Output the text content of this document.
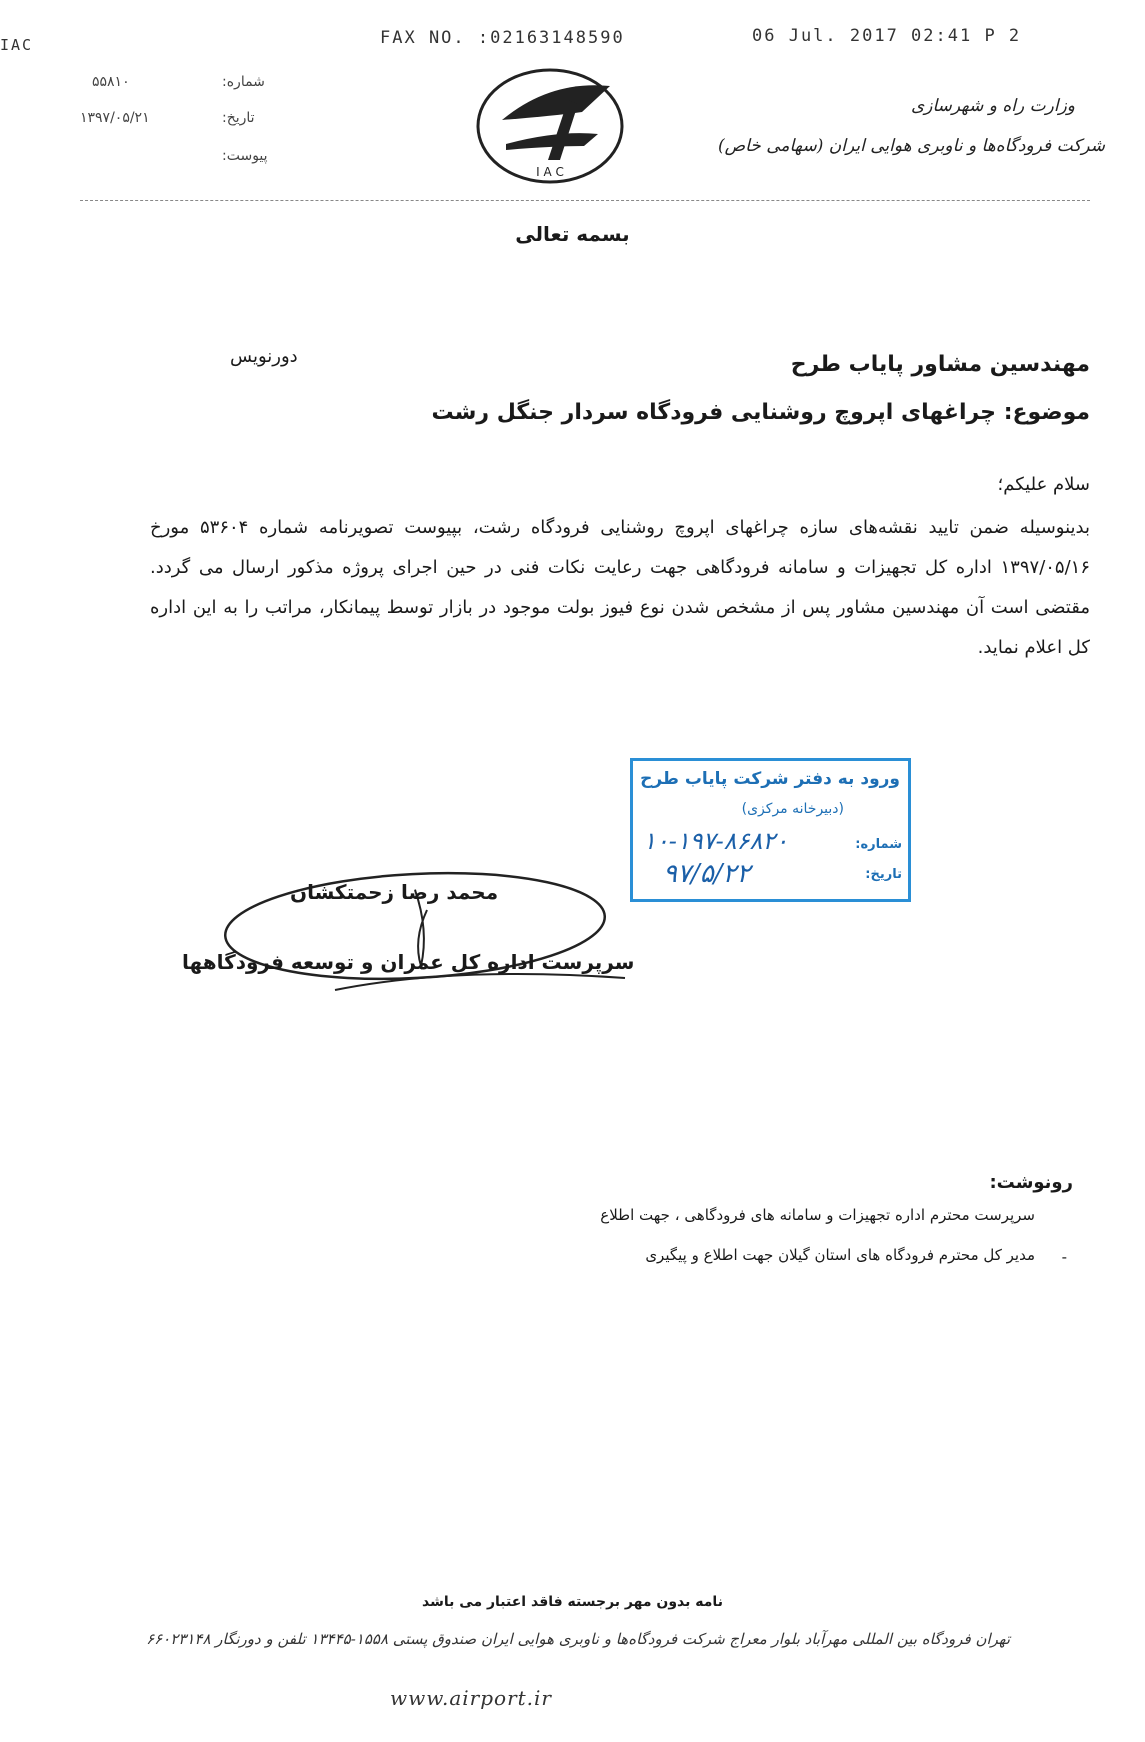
IAC	FAX NO. :02163148590	06 Jul. 2017 02:41 P 2
۵۵۸۱۰	شماره:
۱۳۹۷/۰۵/۲۱	تاریخ:
پیوست:
I A C
وزارت راه و شهرسازی
شرکت فرودگاه‌ها و ناوبری هوایی ایران (سهامی خاص)
بسمه تعالی
دورنویس	مهندسین مشاور پایاب طرح
موضوع: چراغهای اپروچ روشنایی فرودگاه سردار جنگل رشت
سلام علیکم؛
بدینوسیله ضمن تایید نقشه‌های سازه چراغهای اپروچ روشنایی فرودگاه رشت، بپیوست تصویرنامه شماره ۵۳۶۰۴ مورخ ۱۳۹۷/۰۵/۱۶ اداره کل تجهیزات و سامانه فرودگاهی جهت رعایت نکات فنی در حین اجرای پروژه مذکور ارسال می گردد. مقتضی است آن مهندسین مشاور پس از مشخص شدن نوع فیوز بولت موجود در بازار توسط پیمانکار، مراتب را به این اداره کل اعلام نماید.
ورود به دفتر شرکت پایاب طرح
(دبیرخانه مرکزی)
شماره:
۱۰-۱۹۷-۸۶۸۲۰
تاریخ:
۹۷/۵/۲۲
محمد رضا زحمتکشان
سرپرست اداره کل عمران و توسعه فرودگاهها
رونوشت:
سرپرست محترم اداره تجهیزات و سامانه های فرودگاهی ، جهت اطلاع
مدیر کل محترم فرودگاه های استان گیلان جهت اطلاع و پیگیری -
نامه بدون مهر برجسته فاقد اعتبار می باشد
تهران فرودگاه بین المللی مهرآباد بلوار معراج شرکت فرودگاه‌ها و ناوبری هوایی ایران صندوق پستی ۱۵۵۸-۱۳۴۴۵ تلفن و دورنگار ۶۶۰۲۳۱۴۸
www.airport.ir
